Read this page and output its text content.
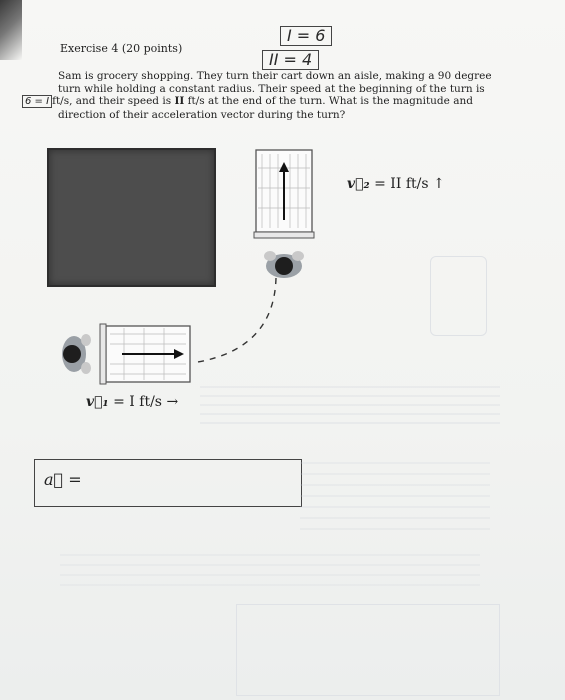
I = 6
II = 4
Exercise 4 (20 points)
Sam is grocery shopping. They turn their cart down an aisle, making a 90 degree
turn while holding a constant radius. Their speed at the beginning of the turn is
6 = I ft/s, and their speed is II ft/s at the end of the turn. What is the magnitude and
direction of their acceleration vector during the turn?
v⃗₂ = II ft/s ↑
v⃗₁ = I ft/s →
a⃗ =
